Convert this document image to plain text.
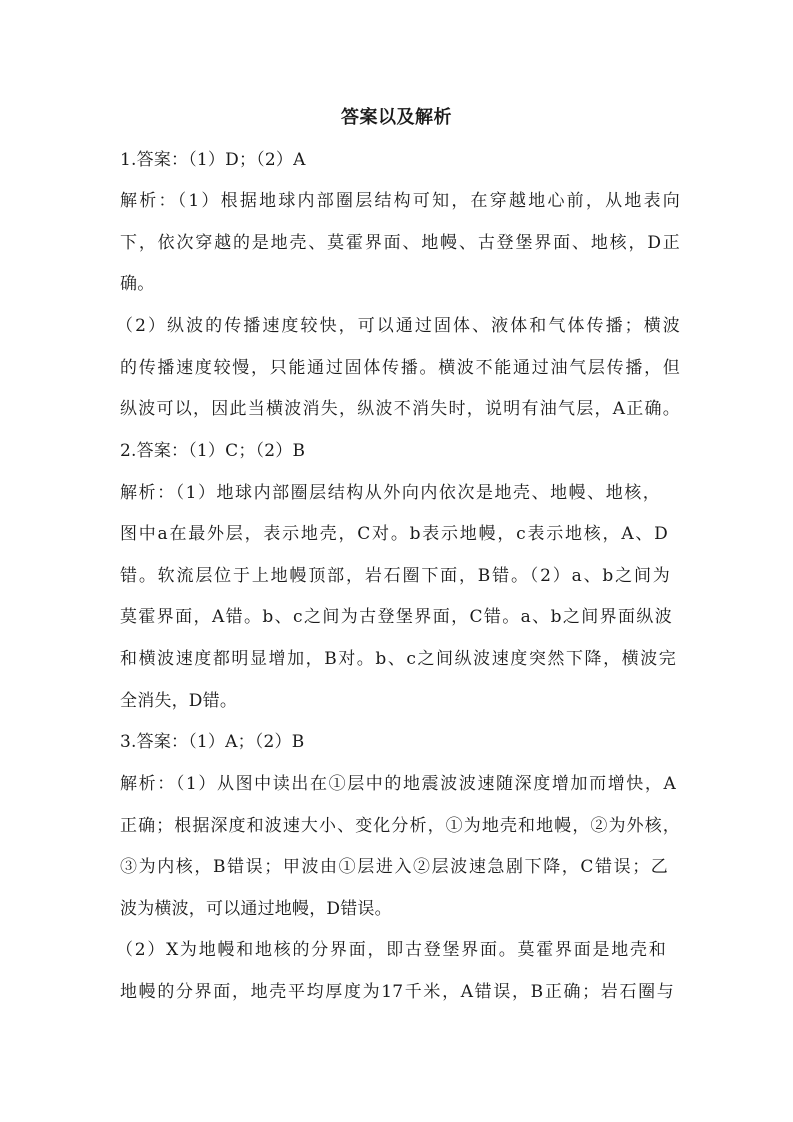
答案以及解析
1.答案：（1）D；（2）A
解析：（1）根据地球内部圈层结构可知，在穿越地心前，从地表向
下，依次穿越的是地壳、莫霍界面、地幔、古登堡界面、地核，D正
确。
（2）纵波的传播速度较快，可以通过固体、液体和气体传播；横波
的传播速度较慢，只能通过固体传播。横波不能通过油气层传播，但
纵波可以，因此当横波消失，纵波不消失时，说明有油气层，A正确。
2.答案：（1）C；（2）B
解析：（1）地球内部圈层结构从外向内依次是地壳、地幔、地核，
图中a在最外层，表示地壳，C对。b表示地幔，c表示地核，A、D
错。软流层位于上地幔顶部，岩石圈下面，B错。（2）a、b之间为
莫霍界面，A错。b、c之间为古登堡界面，C错。a、b之间界面纵波
和横波速度都明显增加，B对。b、c之间纵波速度突然下降，横波完
全消失，D错。
3.答案：（1）A；（2）B
解析：（1）从图中读出在①层中的地震波波速随深度增加而增快，A
正确；根据深度和波速大小、变化分析，①为地壳和地幔，②为外核，
③为内核，B错误；甲波由①层进入②层波速急剧下降，C错误；乙
波为横波，可以通过地幔，D错误。
（2）X为地幔和地核的分界面，即古登堡界面。莫霍界面是地壳和
地幔的分界面，地壳平均厚度为17千米，A错误，B正确；岩石圈与
